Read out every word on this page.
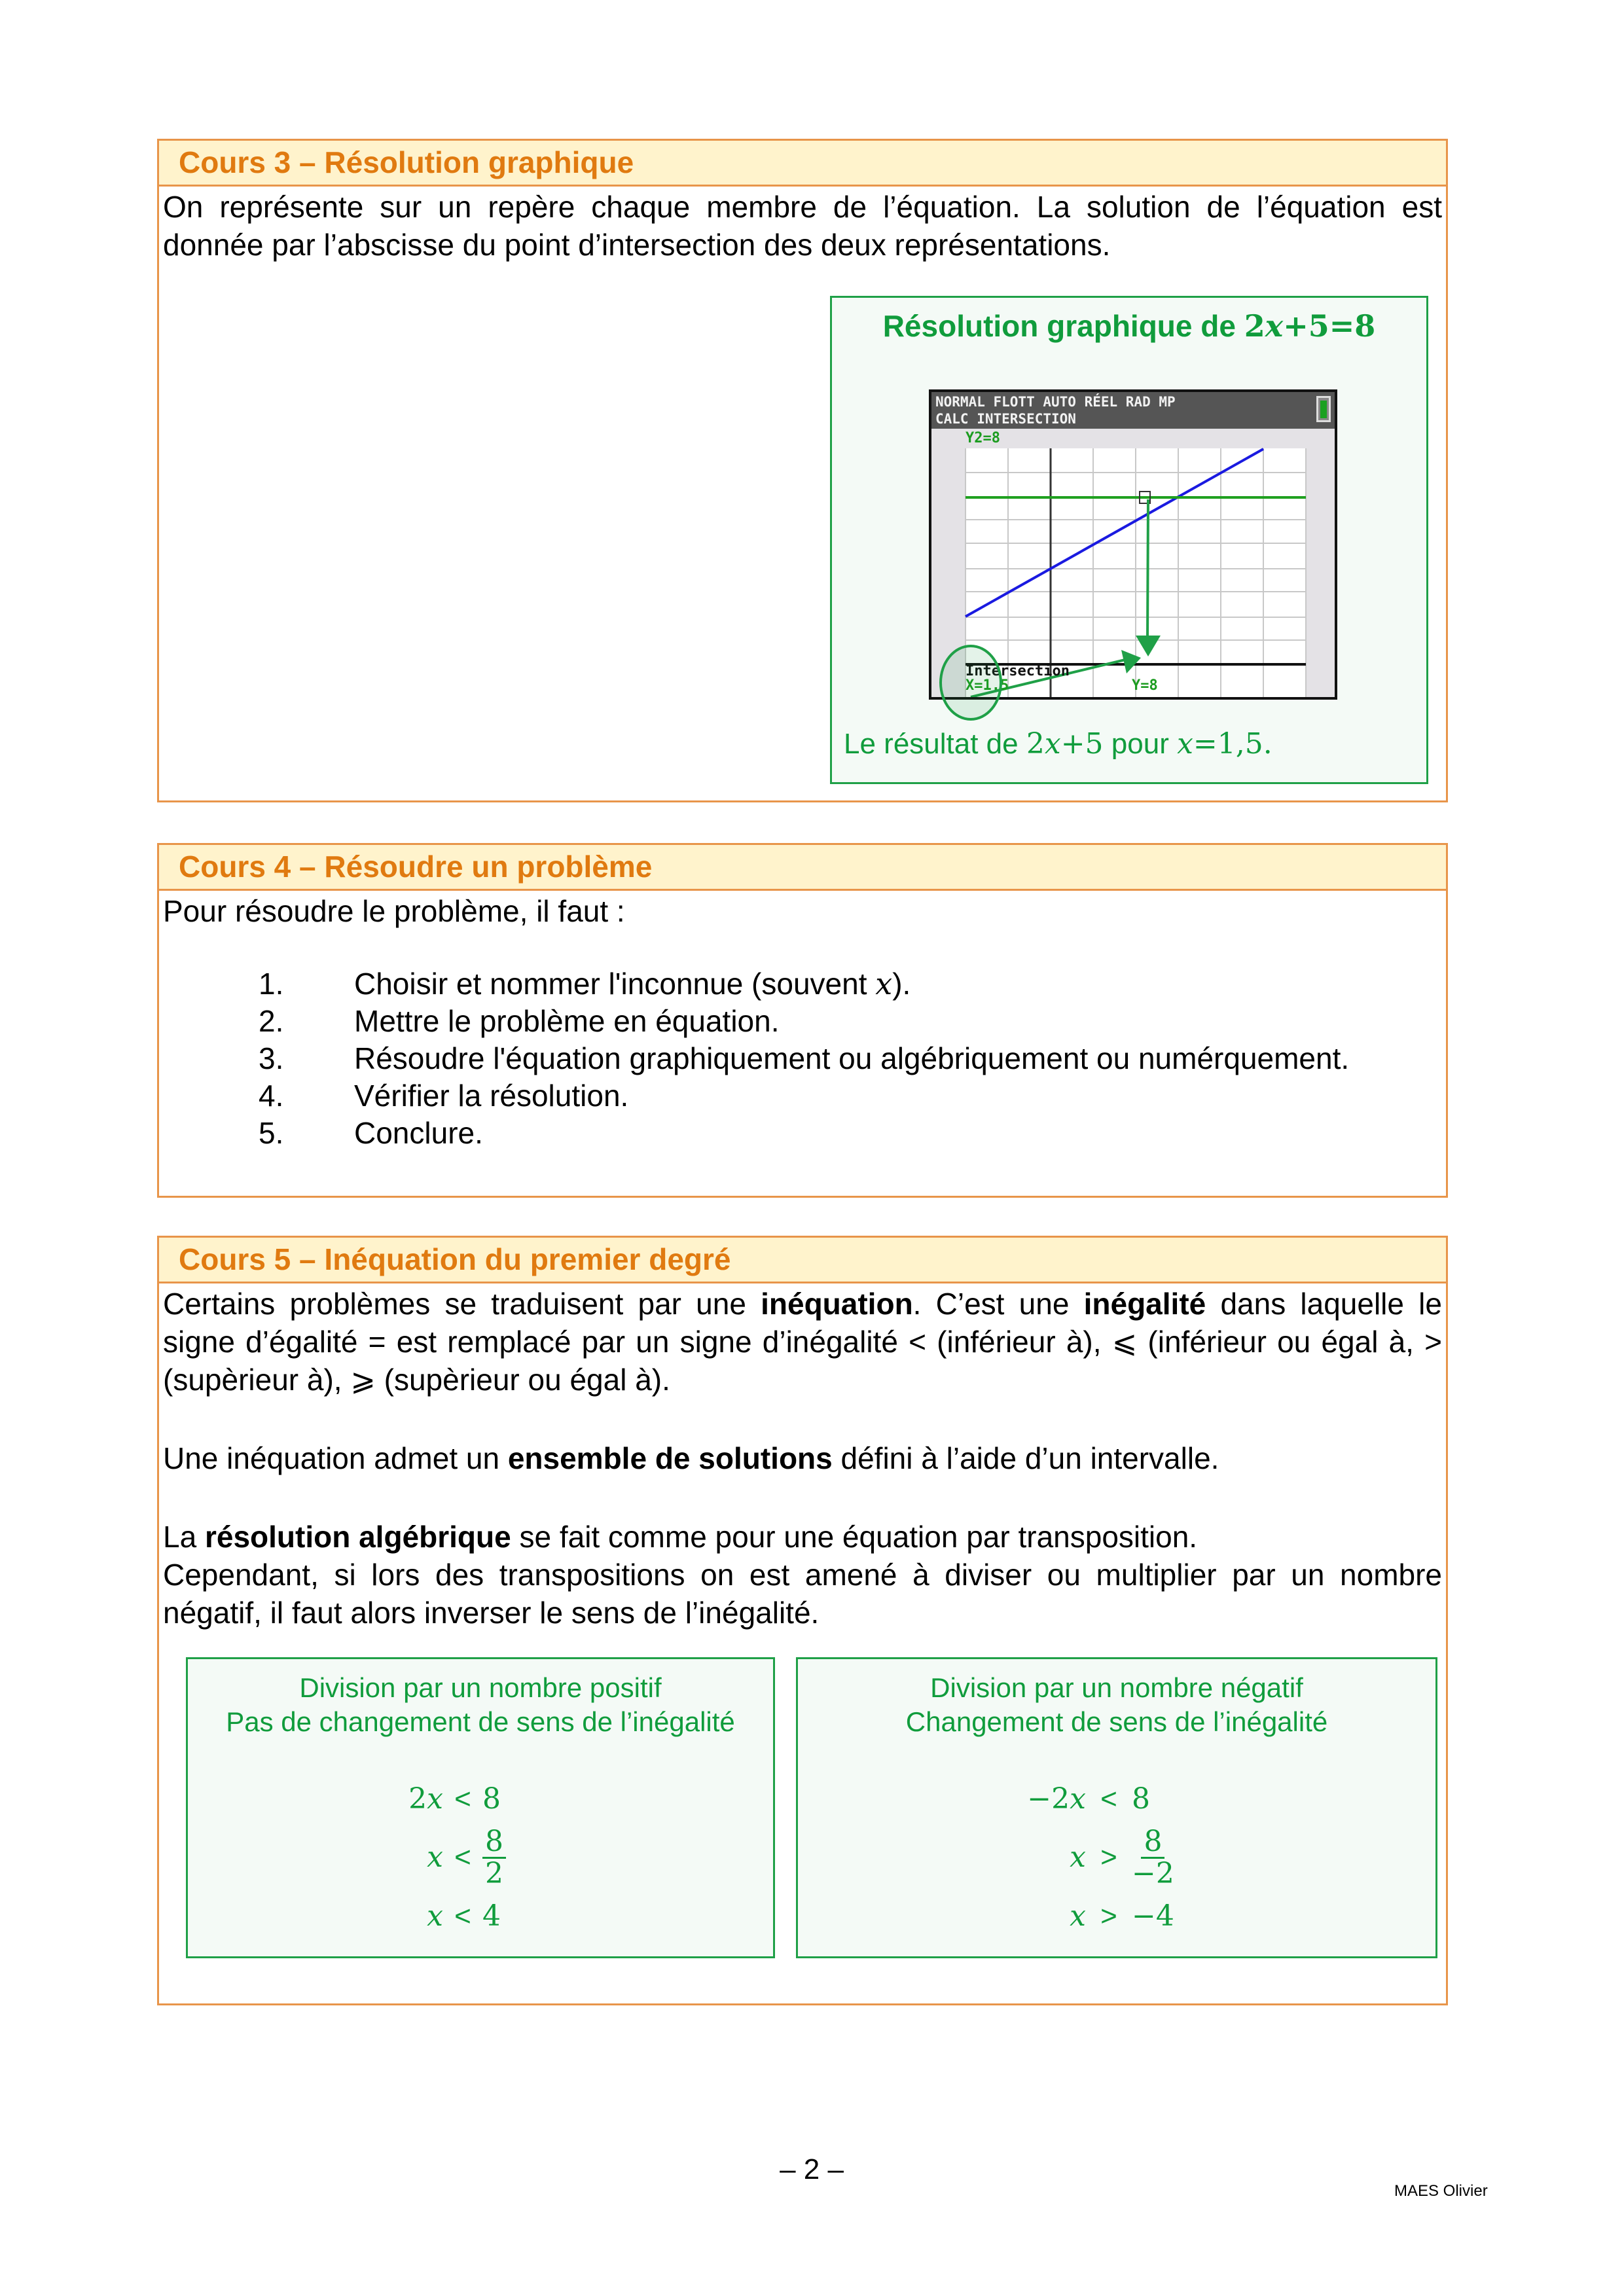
Cours 3 – Résolution graphique
On représente sur un repère chaque membre de l’équation. La solution de l’équation est donnée par l’abscisse du point d’intersection des deux représentations.
Résolution graphique de 2x+5=8
NORMAL FLOTT AUTO RÉEL RAD MP
CALC INTERSECTION
Y2=8
Intersection
X=1.5	Y=8
Le résultat de 2x+5 pour x=1,5.
Cours 4 – Résoudre un problème
Pour résoudre le problème, il faut :
1. Choisir et nommer l'inconnue (souvent x).
2. Mettre le problème en équation.
3. Résoudre l'équation graphiquement ou algébriquement ou numérquement.
4. Vérifier la résolution.
5. Conclure.
Cours 5 – Inéquation du premier degré
Certains problèmes se traduisent par une inéquation. C’est une inégalité dans laquelle le signe d’égalité = est remplacé par un signe d’inégalité < (inférieur à), ⩽ (inférieur ou égal à, > (supèrieur à), ⩾ (supèrieur ou égal à).
Une inéquation admet un ensemble de solutions défini à l’aide d’un intervalle.
La résolution algébrique se fait comme pour une équation par transposition.
Cependant, si lors des transpositions on est amené à diviser ou multiplier par un nombre négatif, il faut alors inverser le sens de l’inégalité.
Division par un nombre positif
Pas de changement de sens de l’inégalité
2x < 8
$x < \frac{8}{2}$
x < 4
Division par un nombre négatif
Changement de sens de l’inégalité
−2x < 8
$x > \frac{8}{-2}$
x > −4
– 2 –
MAES Olivier
